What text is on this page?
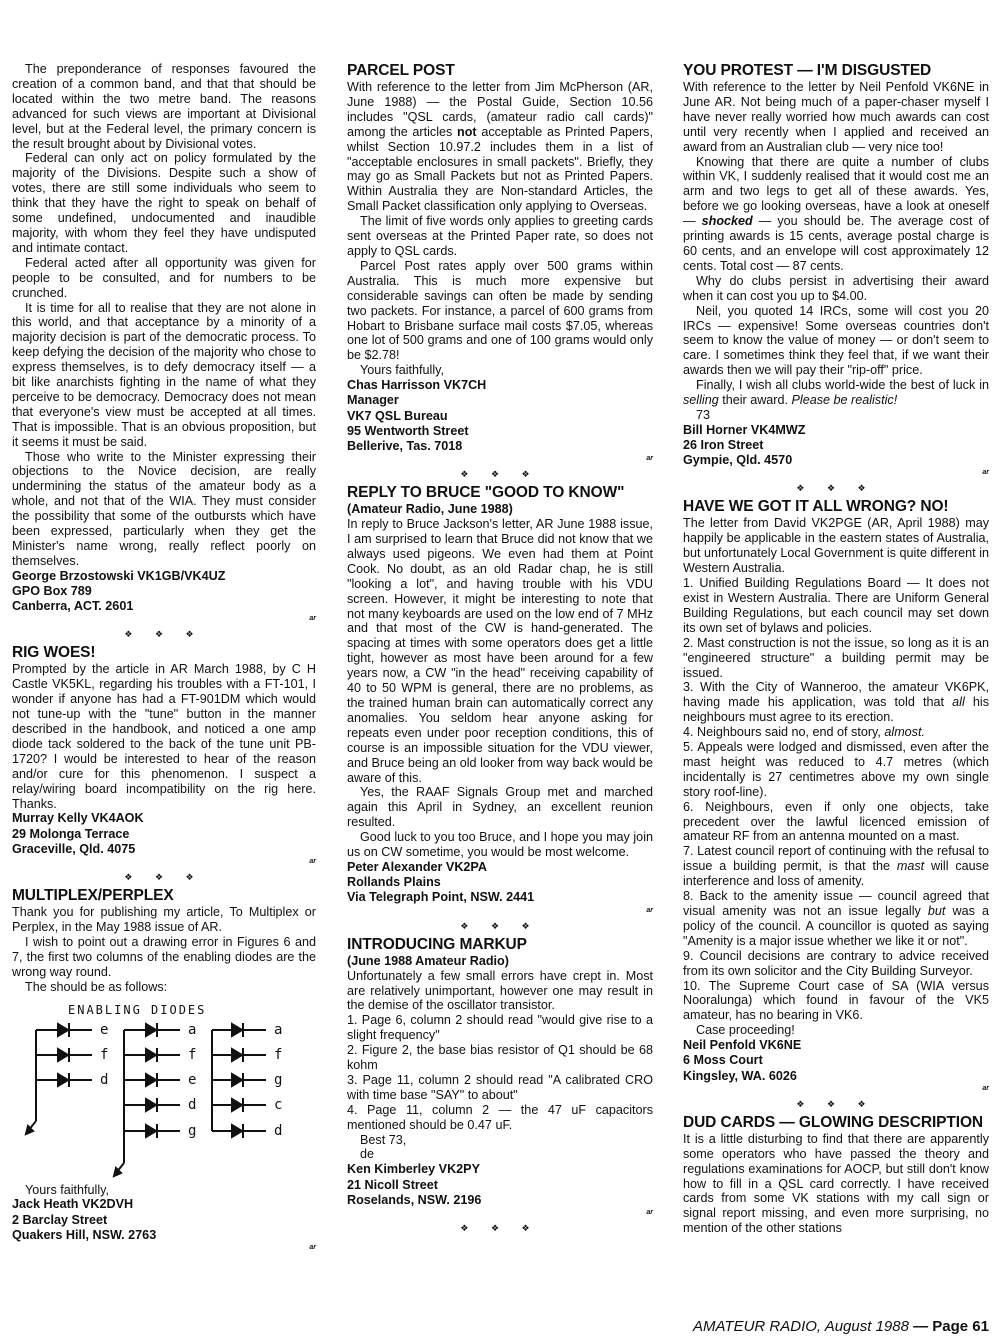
The preponderance of responses favoured the creation of a common band, and that that should be located within the two metre band. The reasons advanced for such views are important at Divisional level, but at the Federal level, the primary concern is the result brought about by Divisional votes.

Federal can only act on policy formulated by the majority of the Divisions. Despite such a show of votes, there are still some individuals who seem to think that they have the right to speak on behalf of some undefined, undocumented and inaudible majority, with whom they feel they have undisputed and intimate contact.

Federal acted after all opportunity was given for people to be consulted, and for numbers to be crunched.

It is time for all to realise that they are not alone in this world, and that acceptance by a minority of a majority decision is part of the democratic process. To keep defying the decision of the majority who chose to express themselves, is to defy democracy itself — a bit like anarchists fighting in the name of what they perceive to be democracy. Democracy does not mean that everyone's view must be accepted at all times. That is impossible. That is an obvious proposition, but it seems it must be said.

Those who write to the Minister expressing their objections to the Novice decision, are really undermining the status of the amateur body as a whole, and not that of the WIA. They must consider the possibility that some of the outbursts which have been expressed, particularly when they get the Minister's name wrong, really reflect poorly on themselves.

George Brzostowski VK1GB/VK4UZ
GPO Box 789
Canberra, ACT. 2601
ar
❖ ❖ ❖
RIG WOES!

Prompted by the article in AR March 1988, by C H Castle VK5KL, regarding his troubles with a FT-101, I wonder if anyone has had a FT-901DM which would not tune-up with the "tune" button in the manner described in the handbook, and noticed a one amp diode tack soldered to the back of the tune unit PB-1720? I would be interested to hear of the reason and/or cure for this phenomenon. I suspect a relay/wiring board incompatibility on the rig here. Thanks.

Murray Kelly VK4AOK
29 Molonga Terrace
Graceville, Qld. 4075
ar
❖ ❖ ❖
MULTIPLEX/PERPLEX

Thank you for publishing my article, To Multiplex or Perplex, in the May 1988 issue of AR.

I wish to point out a drawing error in Figures 6 and 7, the first two columns of the enabling diodes are the wrong way round.

The should be as follows:

ENABLING DIODES
e
f
d
a
f
e
d
g
a
f
g
c
d

Yours faithfully,

Jack Heath VK2DVH
2 Barclay Street
Quakers Hill, NSW. 2763
ar
PARCEL POST

With reference to the letter from Jim McPherson (AR, June 1988) — the Postal Guide, Section 10.56 includes "QSL cards, (amateur radio call cards)" among the articles not acceptable as Printed Papers, whilst Section 10.97.2 includes them in a list of "acceptable enclosures in small packets". Briefly, they may go as Small Packets but not as Printed Papers. Within Australia they are Non-standard Articles, the Small Packet classification only applying to Overseas.

The limit of five words only applies to greeting cards sent overseas at the Printed Paper rate, so does not apply to QSL cards.

Parcel Post rates apply over 500 grams within Australia. This is much more expensive but considerable savings can often be made by sending two packets. For instance, a parcel of 600 grams from Hobart to Brisbane surface mail costs $7.05, whereas one lot of 500 grams and one of 100 grams would only be $2.78!

Yours faithfully,

Chas Harrisson VK7CH
Manager
VK7 QSL Bureau
95 Wentworth Street
Bellerive, Tas. 7018
ar
❖ ❖ ❖
REPLY TO BRUCE "GOOD TO KNOW"
(Amateur Radio, June 1988)

In reply to Bruce Jackson's letter, AR June 1988 issue, I am surprised to learn that Bruce did not know that we always used pigeons. We even had them at Point Cook. No doubt, as an old Radar chap, he is still "looking a lot", and having trouble with his VDU screen. However, it might be interesting to note that not many keyboards are used on the low end of 7 MHz and that most of the CW is hand-generated. The spacing at times with some operators does get a little tight, however as most have been around for a few years now, a CW "in the head" receiving capability of 40 to 50 WPM is general, there are no problems, as the trained human brain can automatically correct any anomalies. You seldom hear anyone asking for repeats even under poor reception conditions, this of course is an impossible situation for the VDU viewer, and Bruce being an old looker from way back would be aware of this.

Yes, the RAAF Signals Group met and marched again this April in Sydney, an excellent reunion resulted.

Good luck to you too Bruce, and I hope you may join us on CW sometime, you would be most welcome.

Peter Alexander VK2PA
Rollands Plains
Via Telegraph Point, NSW. 2441
ar
❖ ❖ ❖
INTRODUCING MARKUP
(June 1988 Amateur Radio)

Unfortunately a few small errors have crept in. Most are relatively unimportant, however one may result in the demise of the oscillator transistor.

1. Page 6, column 2 should read "would give rise to a slight frequency"

2. Figure 2, the base bias resistor of Q1 should be 68 kohm

3. Page 11, column 2 should read "A calibrated CRO with time base "SAY" to about"

4. Page 11, column 2 — the 47 uF capacitors mentioned should be 0.47 uF.

Best 73,

de

Ken Kimberley VK2PY
21 Nicoll Street
Roselands, NSW. 2196
ar
❖ ❖ ❖
YOU PROTEST — I'M DISGUSTED

With reference to the letter by Neil Penfold VK6NE in June AR. Not being much of a paper-chaser myself I have never really worried how much awards can cost until very recently when I applied and received an award from an Australian club — very nice too!

Knowing that there are quite a number of clubs within VK, I suddenly realised that it would cost me an arm and two legs to get all of these awards. Yes, before we go looking overseas, have a look at oneself — shocked — you should be. The average cost of printing awards is 15 cents, average postal charge is 60 cents, and an envelope will cost approximately 12 cents. Total cost — 87 cents.

Why do clubs persist in advertising their award when it can cost you up to $4.00.

Neil, you quoted 14 IRCs, some will cost you 20 IRCs — expensive! Some overseas countries don't seem to know the value of money — or don't seem to care. I sometimes think they feel that, if we want their awards then we will pay their "rip-off" price.

Finally, I wish all clubs world-wide the best of luck in selling their award. Please be realistic!

73

Bill Horner VK4MWZ
26 Iron Street
Gympie, Qld. 4570
ar
❖ ❖ ❖
HAVE WE GOT IT ALL WRONG? NO!

The letter from David VK2PGE (AR, April 1988) may happily be applicable in the eastern states of Australia, but unfortunately Local Government is quite different in Western Australia.

1. Unified Building Regulations Board — It does not exist in Western Australia. There are Uniform General Building Regulations, but each council may set down its own set of bylaws and policies.

2. Mast construction is not the issue, so long as it is an "engineered structure" a building permit may be issued.

3. With the City of Wanneroo, the amateur VK6PK, having made his application, was told that all his neighbours must agree to its erection.

4. Neighbours said no, end of story, almost.

5. Appeals were lodged and dismissed, even after the mast height was reduced to 4.7 metres (which incidentally is 27 centimetres above my own single story roof-line).

6. Neighbours, even if only one objects, take precedent over the lawful licenced emission of amateur RF from an antenna mounted on a mast.

7. Latest council report of continuing with the refusal to issue a building permit, is that the mast will cause interference and loss of amenity.

8. Back to the amenity issue — council agreed that visual amenity was not an issue legally but was a policy of the council. A councillor is quoted as saying "Amenity is a major issue whether we like it or not".

9. Council decisions are contrary to advice received from its own solicitor and the City Building Surveyor.

10. The Supreme Court case of SA (WIA versus Nooralunga) which found in favour of the VK5 amateur, has no bearing in VK6.

Case proceeding!

Neil Penfold VK6NE
6 Moss Court
Kingsley, WA. 6026
ar
❖ ❖ ❖
DUD CARDS — GLOWING DESCRIPTION

It is a little disturbing to find that there are apparently some operators who have passed the theory and regulations examinations for AOCP, but still don't know how to fill in a QSL card correctly. I have received cards from some VK stations with my call sign or signal report missing, and even more surprising, no mention of the other stations

AMATEUR RADIO, August 1988 — Page 61
